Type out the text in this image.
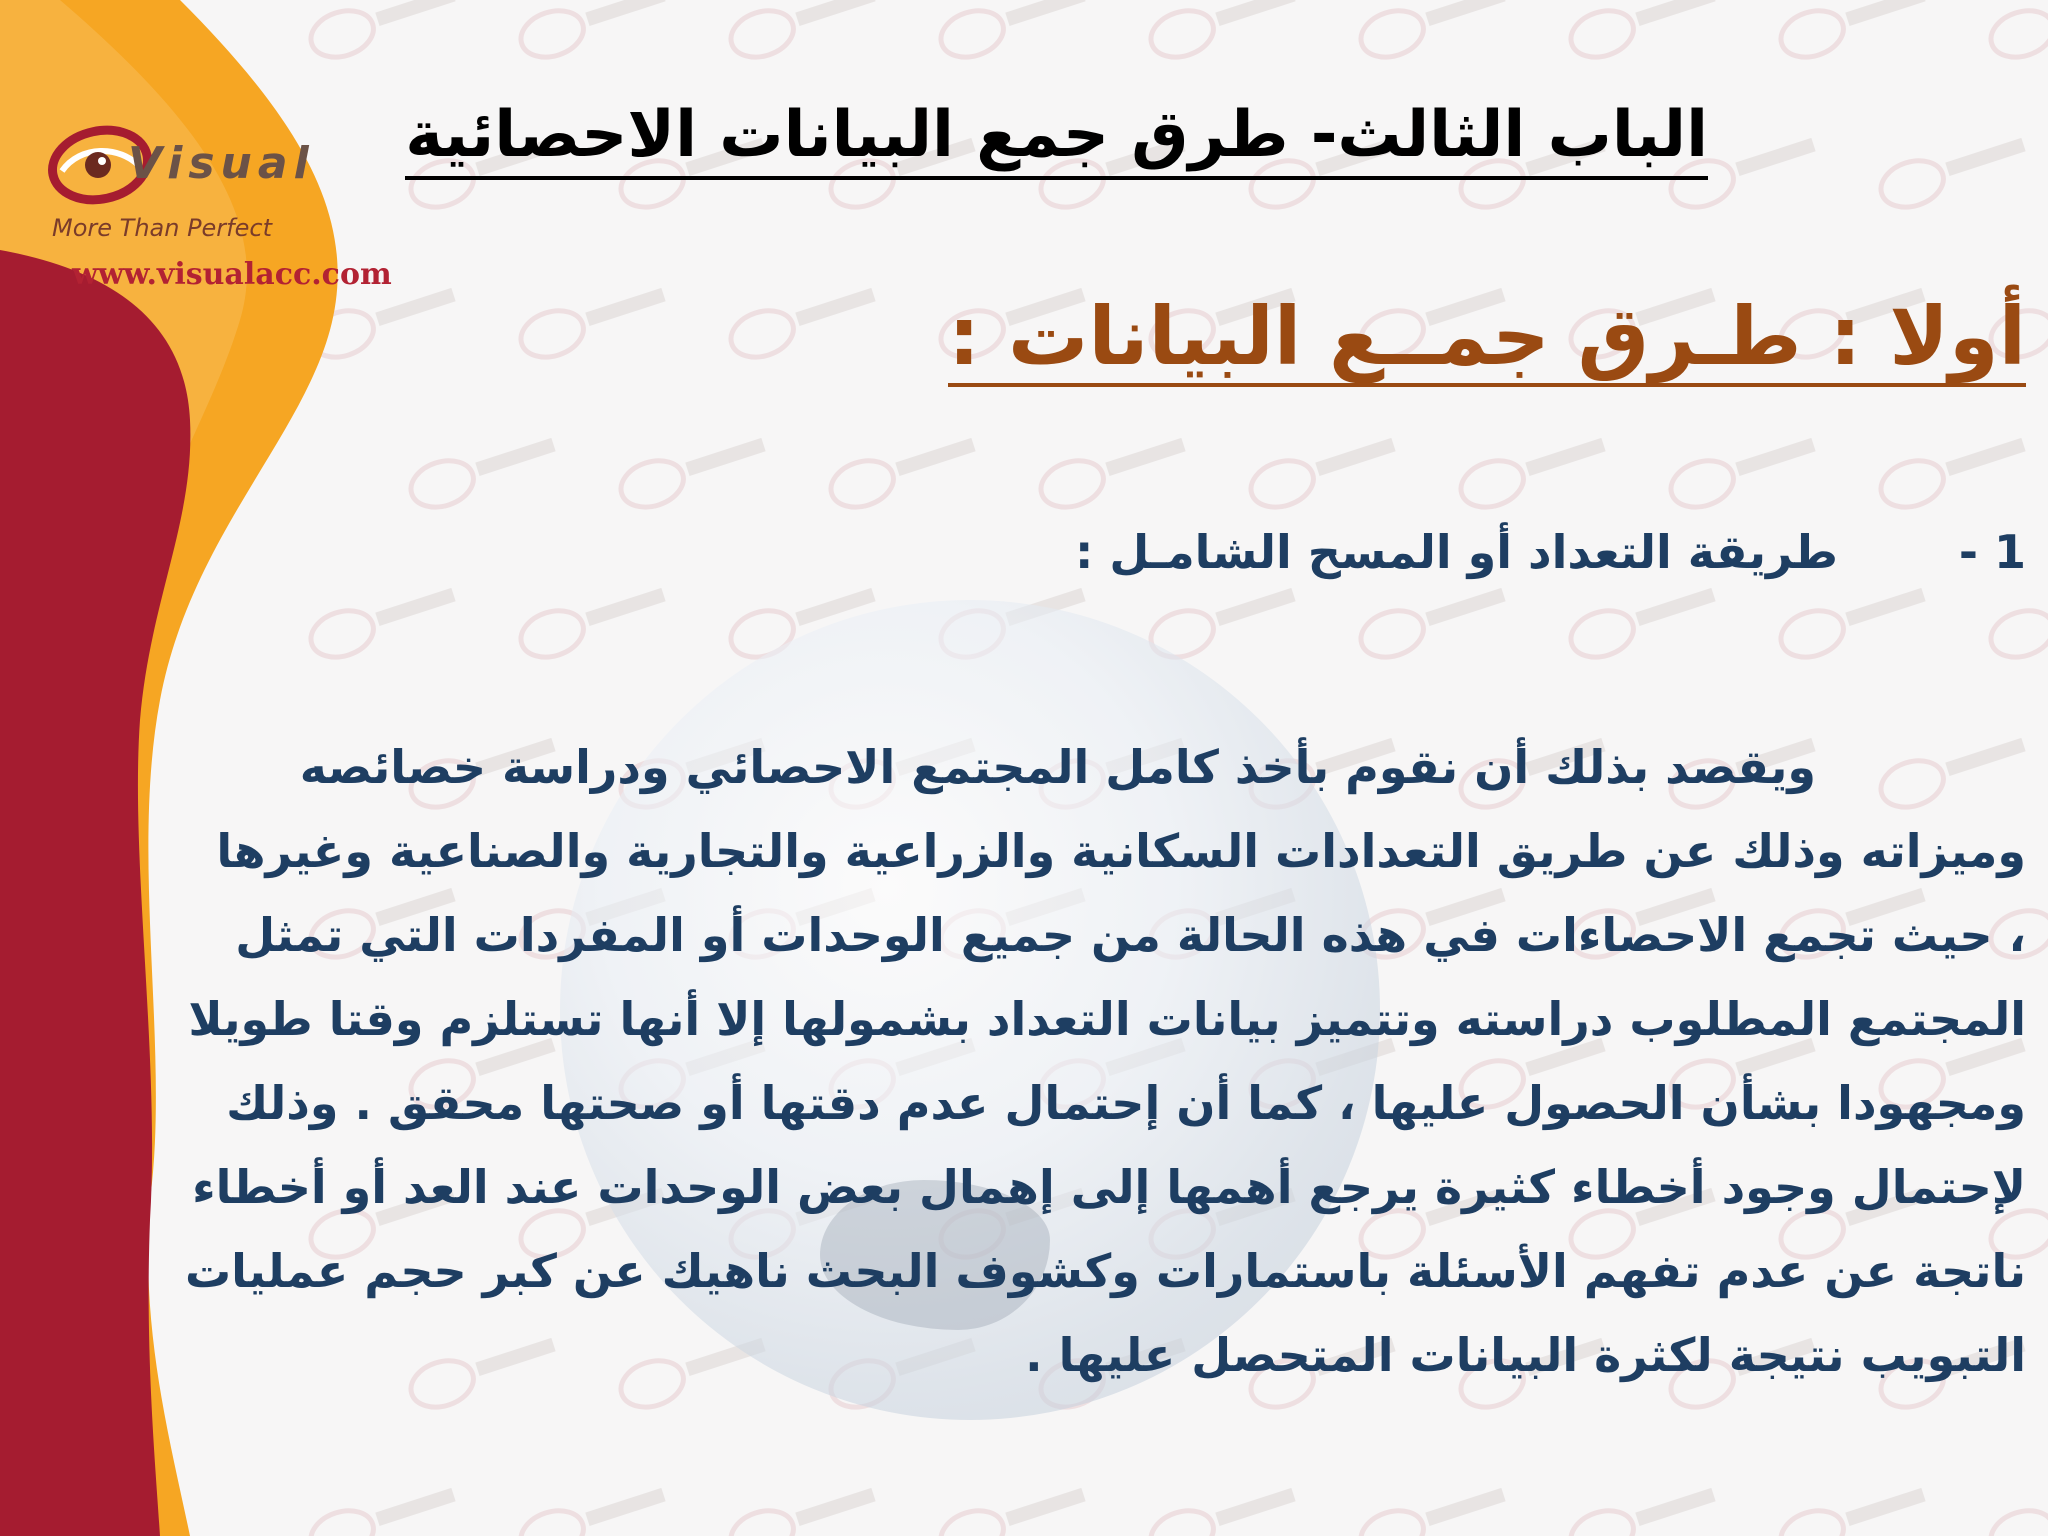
Visual
More Than Perfect
www.visualacc.com
الباب الثالث- طرق جمع البيانات الاحصائية
أولا : طـرق جمــع البيانات :
1 -
طريقة التعداد أو المسح الشامـل :
ويقصد بذلك أن نقوم بأخذ كامل المجتمع الاحصائي ودراسة خصائصه
وميزاته وذلك عن طريق التعدادات السكانية والزراعية والتجارية والصناعية وغيرها
، حيث تجمع الاحصاءات في هذه الحالة من جميع الوحدات أو المفردات التي تمثل
المجتمع المطلوب دراسته وتتميز بيانات التعداد بشمولها إلا أنها تستلزم وقتا طويلا
ومجهودا بشأن الحصول عليها ، كما أن إحتمال عدم دقتها أو صحتها محقق . وذلك
لإحتمال وجود أخطاء كثيرة يرجع أهمها إلى إهمال بعض الوحدات عند العد أو أخطاء
ناتجة عن عدم تفهم الأسئلة باستمارات وكشوف البحث ناهيك عن كبر حجم عمليات
التبويب نتيجة لكثرة البيانات المتحصل عليها .
